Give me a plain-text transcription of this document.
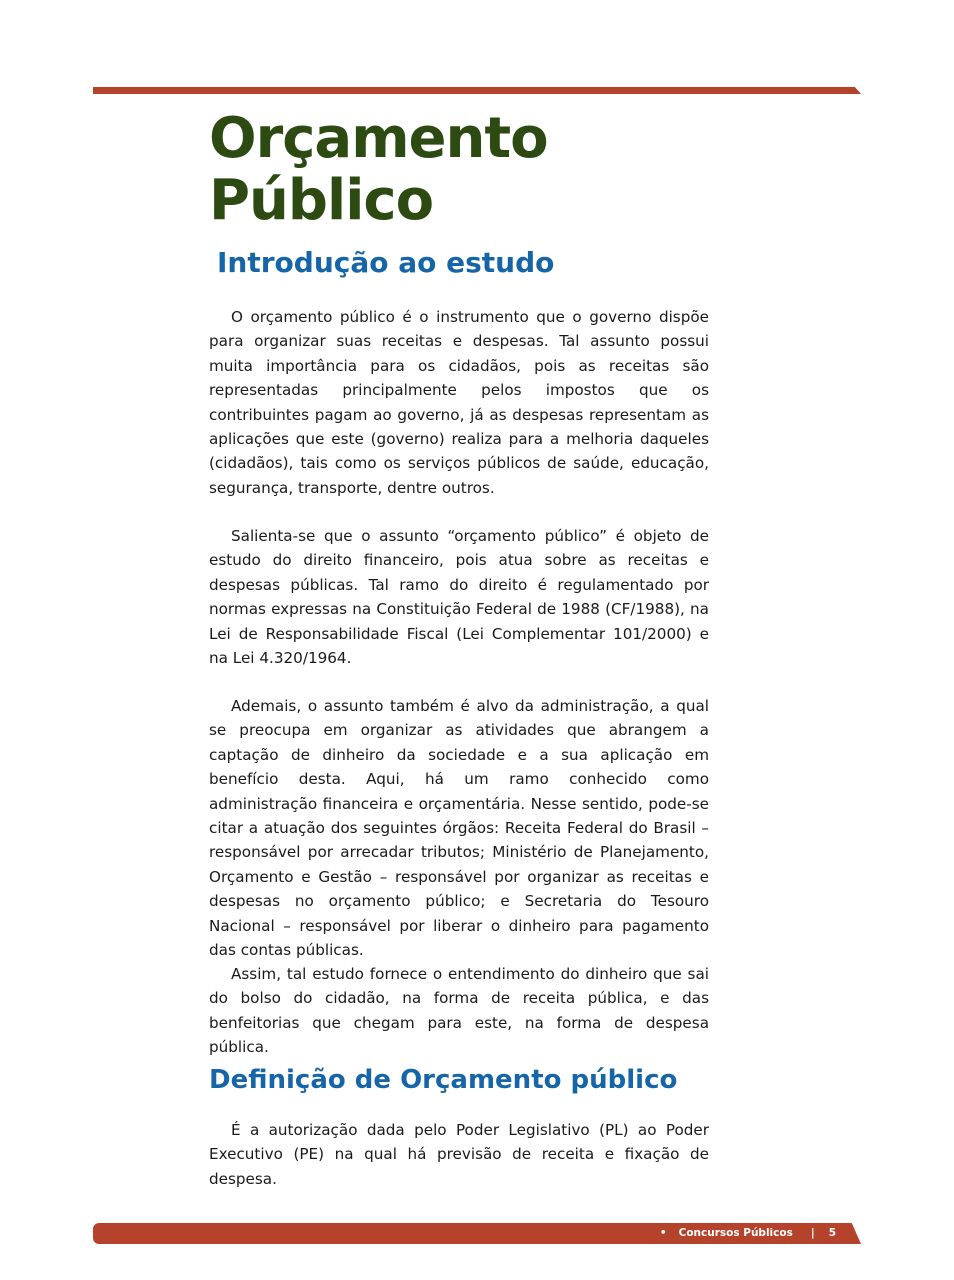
Orçamento
Público
Introdução ao estudo

O orçamento público é o instrumento que o governo dispõe para organizar suas receitas e despesas. Tal assunto possui muita importância para os cidadãos, pois as receitas são representadas principalmente pelos impostos que os contribuintes pagam ao governo, já as despesas representam as aplicações que este (governo) realiza para a melhoria daqueles (cidadãos), tais como os serviços públicos de saúde, educação, segurança, transporte, dentre outros.

Salienta-se que o assunto “orçamento público” é objeto de estudo do direito financeiro, pois atua sobre as receitas e despesas públicas. Tal ramo do direito é regulamentado por normas expressas na Constituição Federal de 1988 (CF/1988), na Lei de Responsabilidade Fiscal (Lei Complementar 101/2000) e na Lei 4.320/1964.

Ademais, o assunto também é alvo da administração, a qual se preocupa em organizar as atividades que abrangem a captação de dinheiro da sociedade e a sua aplicação em benefício desta. Aqui, há um ramo conhecido como administração financeira e orçamentária. Nesse sentido, pode-se citar a atuação dos seguintes órgãos: Receita Federal do Brasil – responsável por arrecadar tributos; Ministério de Planejamento, Orçamento e Gestão – responsável por organizar as receitas e despesas no orçamento público; e Secretaria do Tesouro Nacional – responsável por liberar o dinheiro para pagamento das contas públicas.

Assim, tal estudo fornece o entendimento do dinheiro que sai do bolso do cidadão, na forma de receita pública, e das benfeitorias que chegam para este, na forma de despesa pública.

Definição de Orçamento público

É a autorização dada pelo Poder Legislativo (PL) ao Poder Executivo (PE) na qual há previsão de receita e fixação de despesa.

• Concursos Públicos | 5
